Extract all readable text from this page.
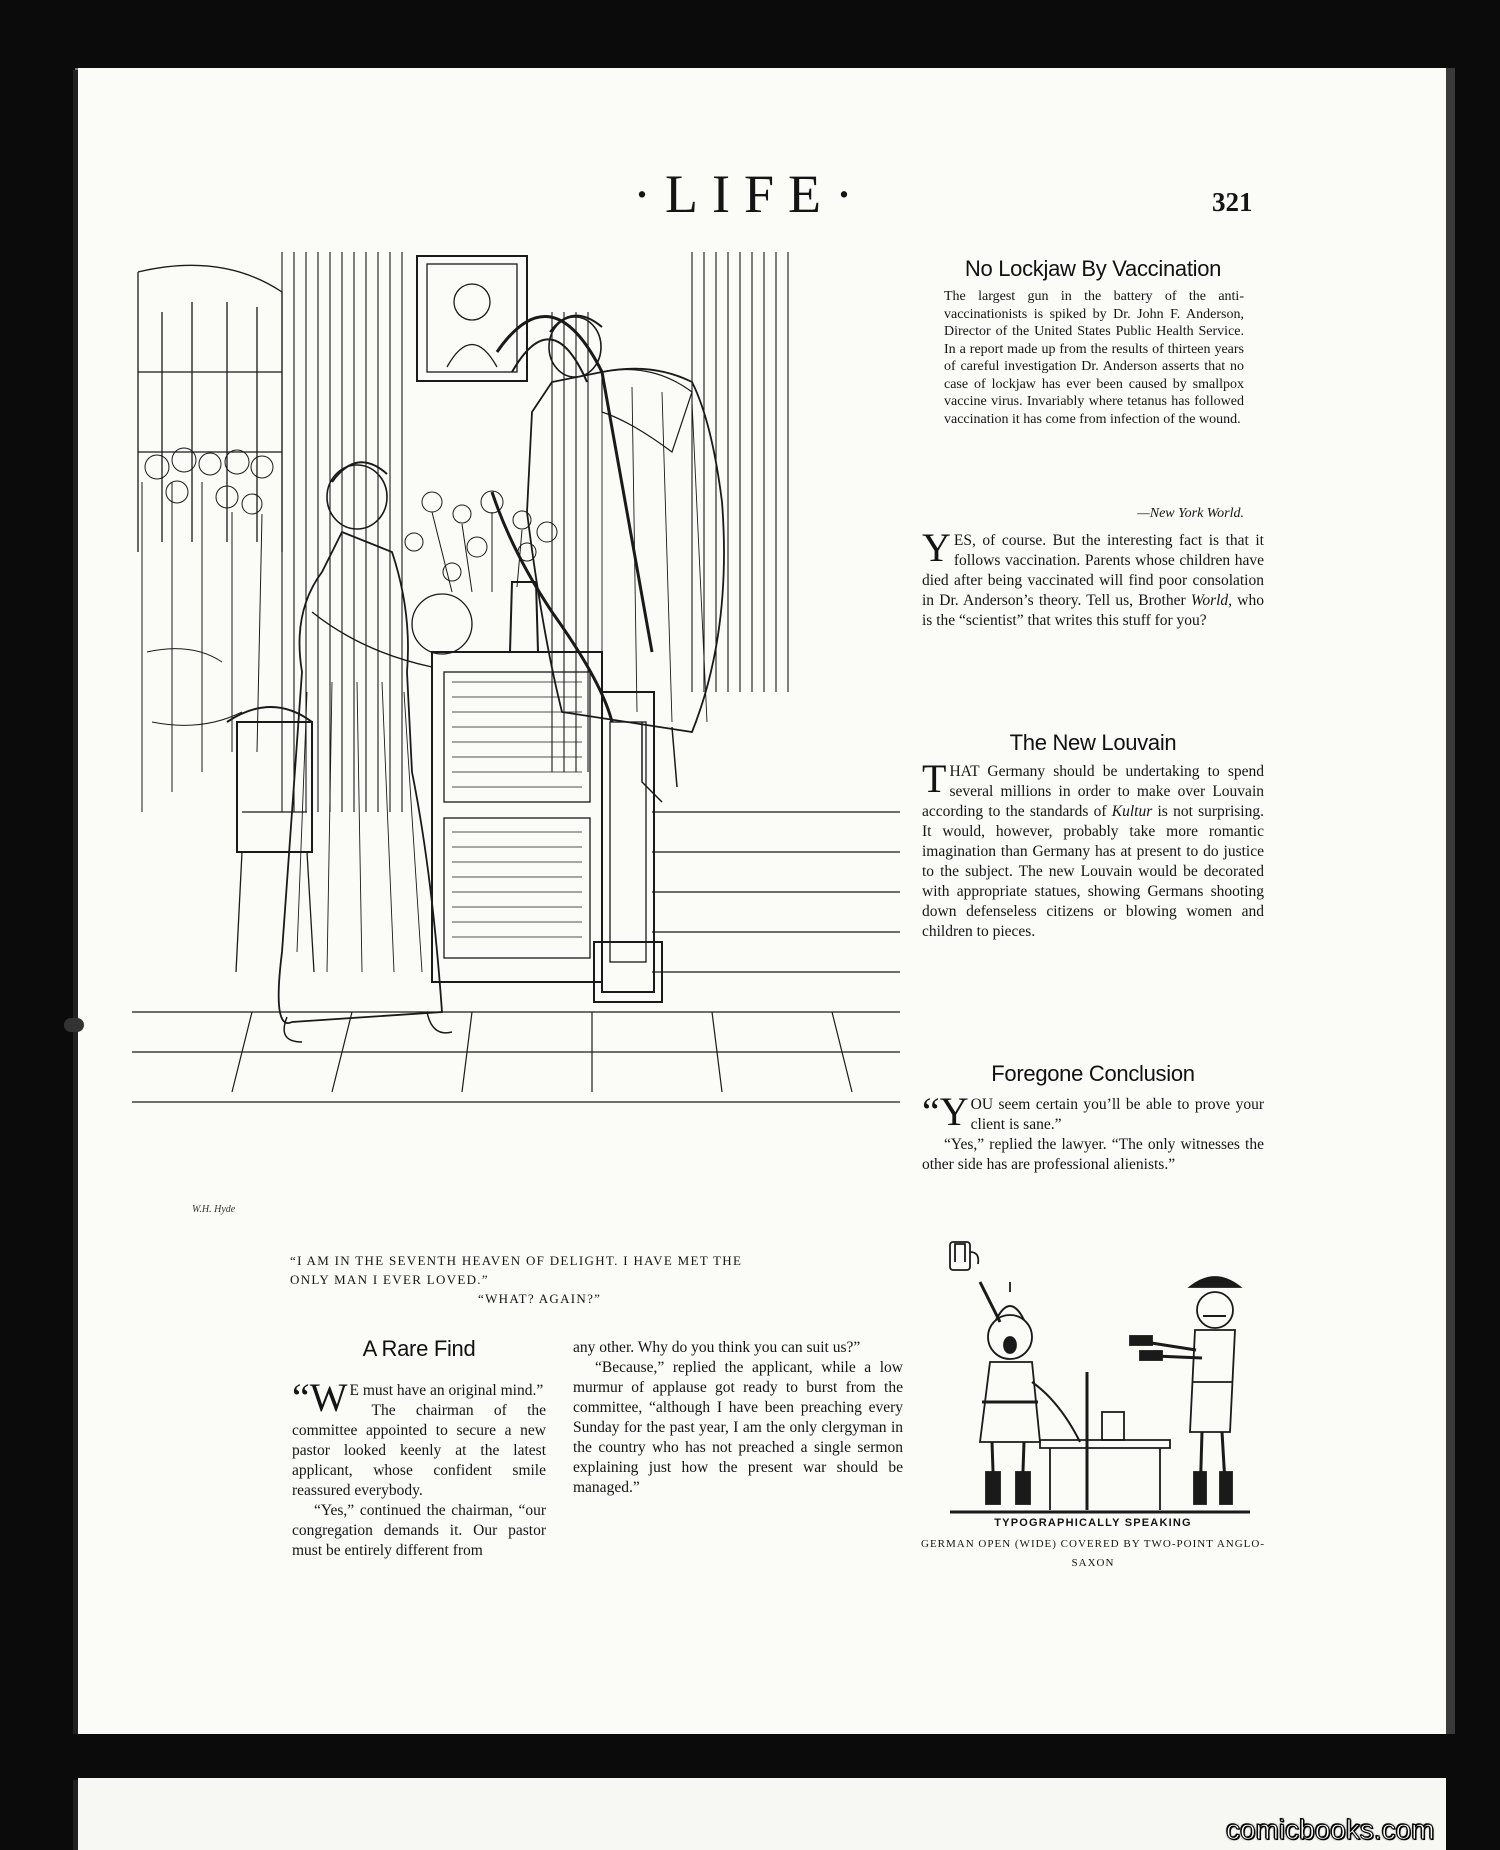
·LIFE·	321
W.H. Hyde
“I AM IN THE SEVENTH HEAVEN OF DELIGHT. I HAVE MET THE
ONLY MAN I EVER LOVED.”
“WHAT? AGAIN?”
No Lockjaw By Vaccination
The largest gun in the battery of the anti-vaccinationists is spiked by Dr. John F. Anderson, Director of the United States Public Health Service. In a report made up from the results of thirteen years of careful investigation Dr. Anderson asserts that no case of lockjaw has ever been caused by smallpox vaccine virus. Invariably where tetanus has followed vaccination it has come from infection of the wound.
—New York World.
YES, of course. But the interesting fact is that it follows vaccination. Parents whose children have died after being vaccinated will find poor consolation in Dr. Anderson’s theory. Tell us, Brother World, who is the “scientist” that writes this stuff for you?
The New Louvain
THAT Germany should be undertaking to spend several millions in order to make over Louvain according to the standards of Kultur is not surprising. It would, however, probably take more romantic imagination than Germany has at present to do justice to the subject. The new Louvain would be decorated with appropriate statues, showing Germans shooting down defenseless citizens or blowing women and children to pieces.
Foregone Conclusion

“YOU seem certain you’ll be able to prove your client is sane.”

“Yes,” replied the lawyer. “The only witnesses the other side has are professional alienists.”

A Rare Find

“W E must have an original mind.”

The chairman of the committee appointed to secure a new pastor looked keenly at the latest applicant, whose confident smile reassured everybody.

“Yes,” continued the chairman, “our congregation demands it. Our pastor must be entirely different from

any other. Why do you think you can suit us?”

“Because,” replied the applicant, while a low murmur of applause got ready to burst from the committee, “although I have been preaching every Sunday for the past year, I am the only clergyman in the country who has not preached a single sermon explaining just how the present war should be managed.”

TYPOGRAPHICALLY SPEAKING
GERMAN OPEN (WIDE) COVERED BY TWO-POINT ANGLO-SAXON
comicbooks.com
